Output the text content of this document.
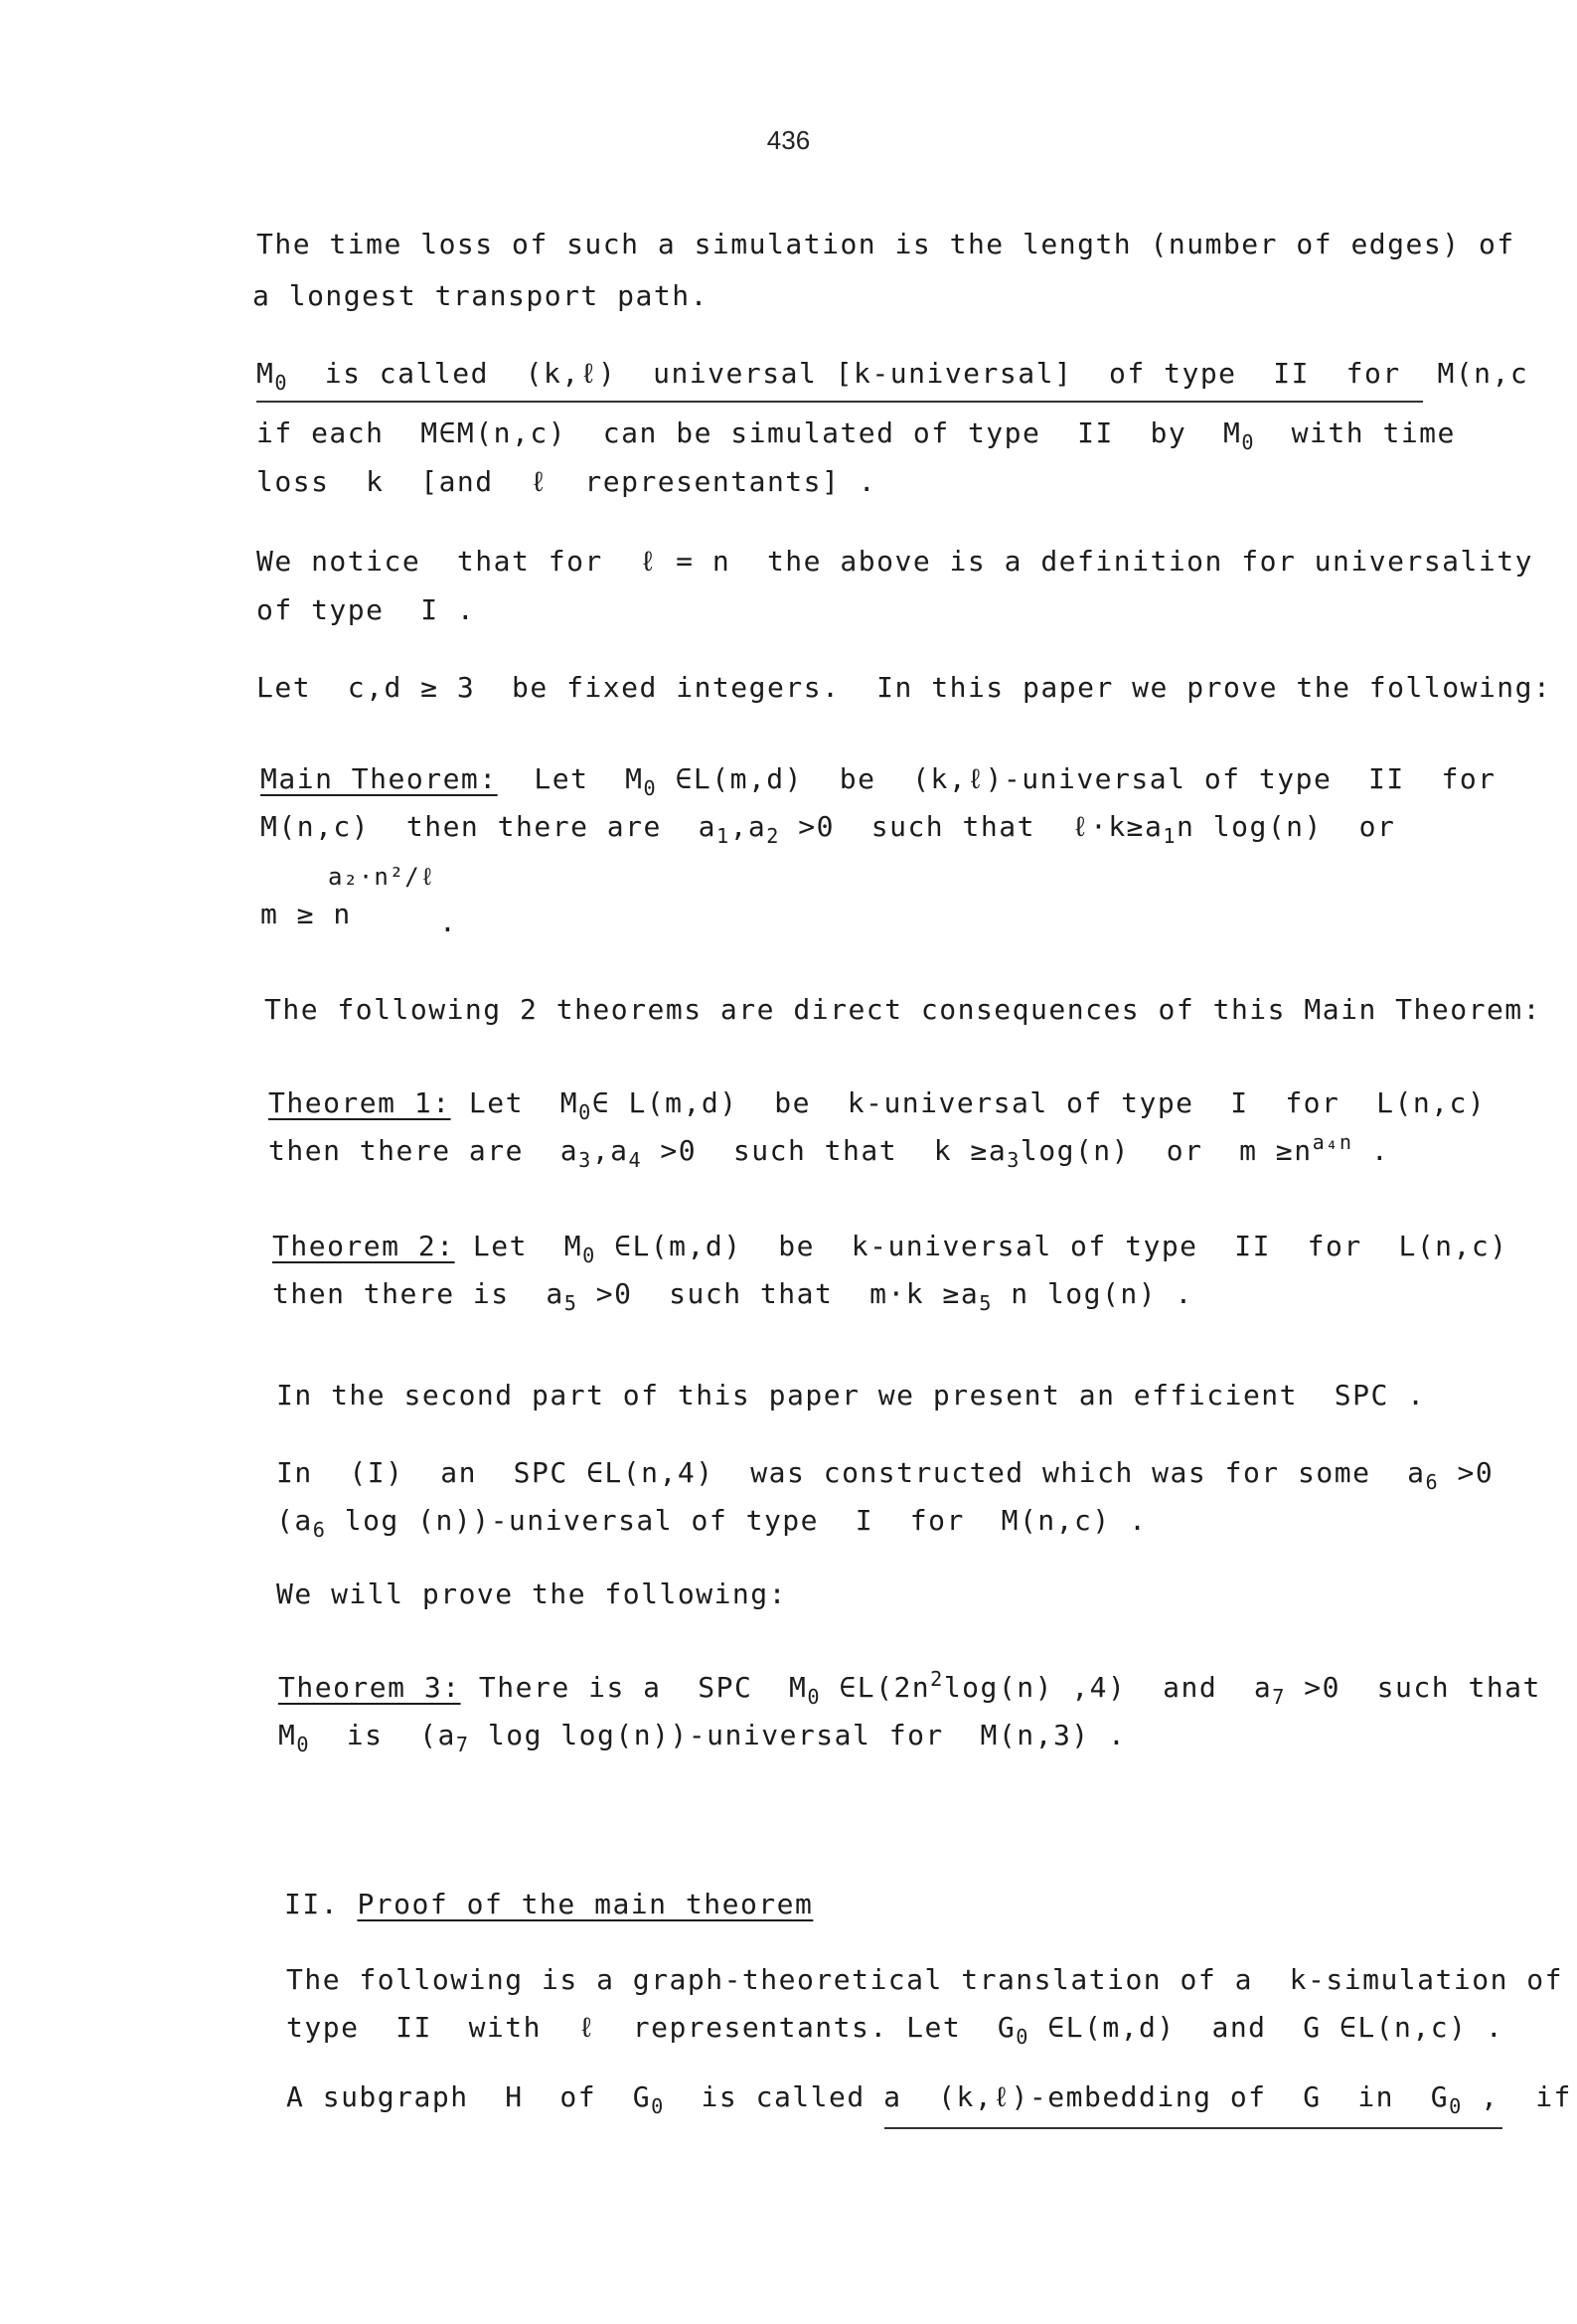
436
The time loss of such a simulation is the length (number of edges) of
a longest transport path.
$M_0$  is called  (k,ℓ)  universal [k-universal]  of type  II  for  M(n,c
if each  M∈M(n,c)  can be simulated of type  II  by  $M_0$  with time
loss  k  [and  ℓ  representants] .
We notice  that for  ℓ = n  the above is a definition for universality
of type  I .
Let  c,d ≥ 3  be fixed integers.  In this paper we prove the following:
Main Theorem:  Let  $M_0$ ∈L(m,d)  be  (k,ℓ)-universal of type  II  for
M(n,c)  then there are  $a_1,a_2 >0$  such that  $\ell\cdot k\ge a_1n$ log(n)  or
a₂·n²/ℓ
m ≥ n	.
The following 2 theorems are direct consequences of this Main Theorem:
Theorem 1: Let  $M_0\in$ L(m,d)  be  k-universal of type  I  for  L(n,c)
then there are  $a_3,a_4 >0$  such that  $k \ge a_3\log(n)$  or  $m \ge n^{a_4n}$ .
Theorem 2: Let  $M_0$ ∈L(m,d)  be  k-universal of type  II  for  L(n,c)
then there is  $a_5 >0$  such that  $m\cdot k \ge a_5$ n log(n) .
In the second part of this paper we present an efficient  SPC .
In  (I)  an  SPC ∈L(n,4)  was constructed which was for some  $a_6 >0$
($a_6$ log (n))-universal of type  I  for  M(n,c) .
We will prove the following:
Theorem 3: There is a  SPC  $M_0$ $\in L(2n^2\log(n)$ ,4)  and  $a_7 >0$  such that
$M_0$  is  ($a_7$ log log(n))-universal for  M(n,3) .
II. Proof of the main theorem
The following is a graph-theoretical translation of a  k-simulation of
type  II  with  ℓ  representants. Let  $G_0$ ∈L(m,d)  and  G ∈L(n,c) .
A subgraph  H  of  $G_0$  is called a  (k,ℓ)-embedding of  G  in  $G_0$ ,  if
